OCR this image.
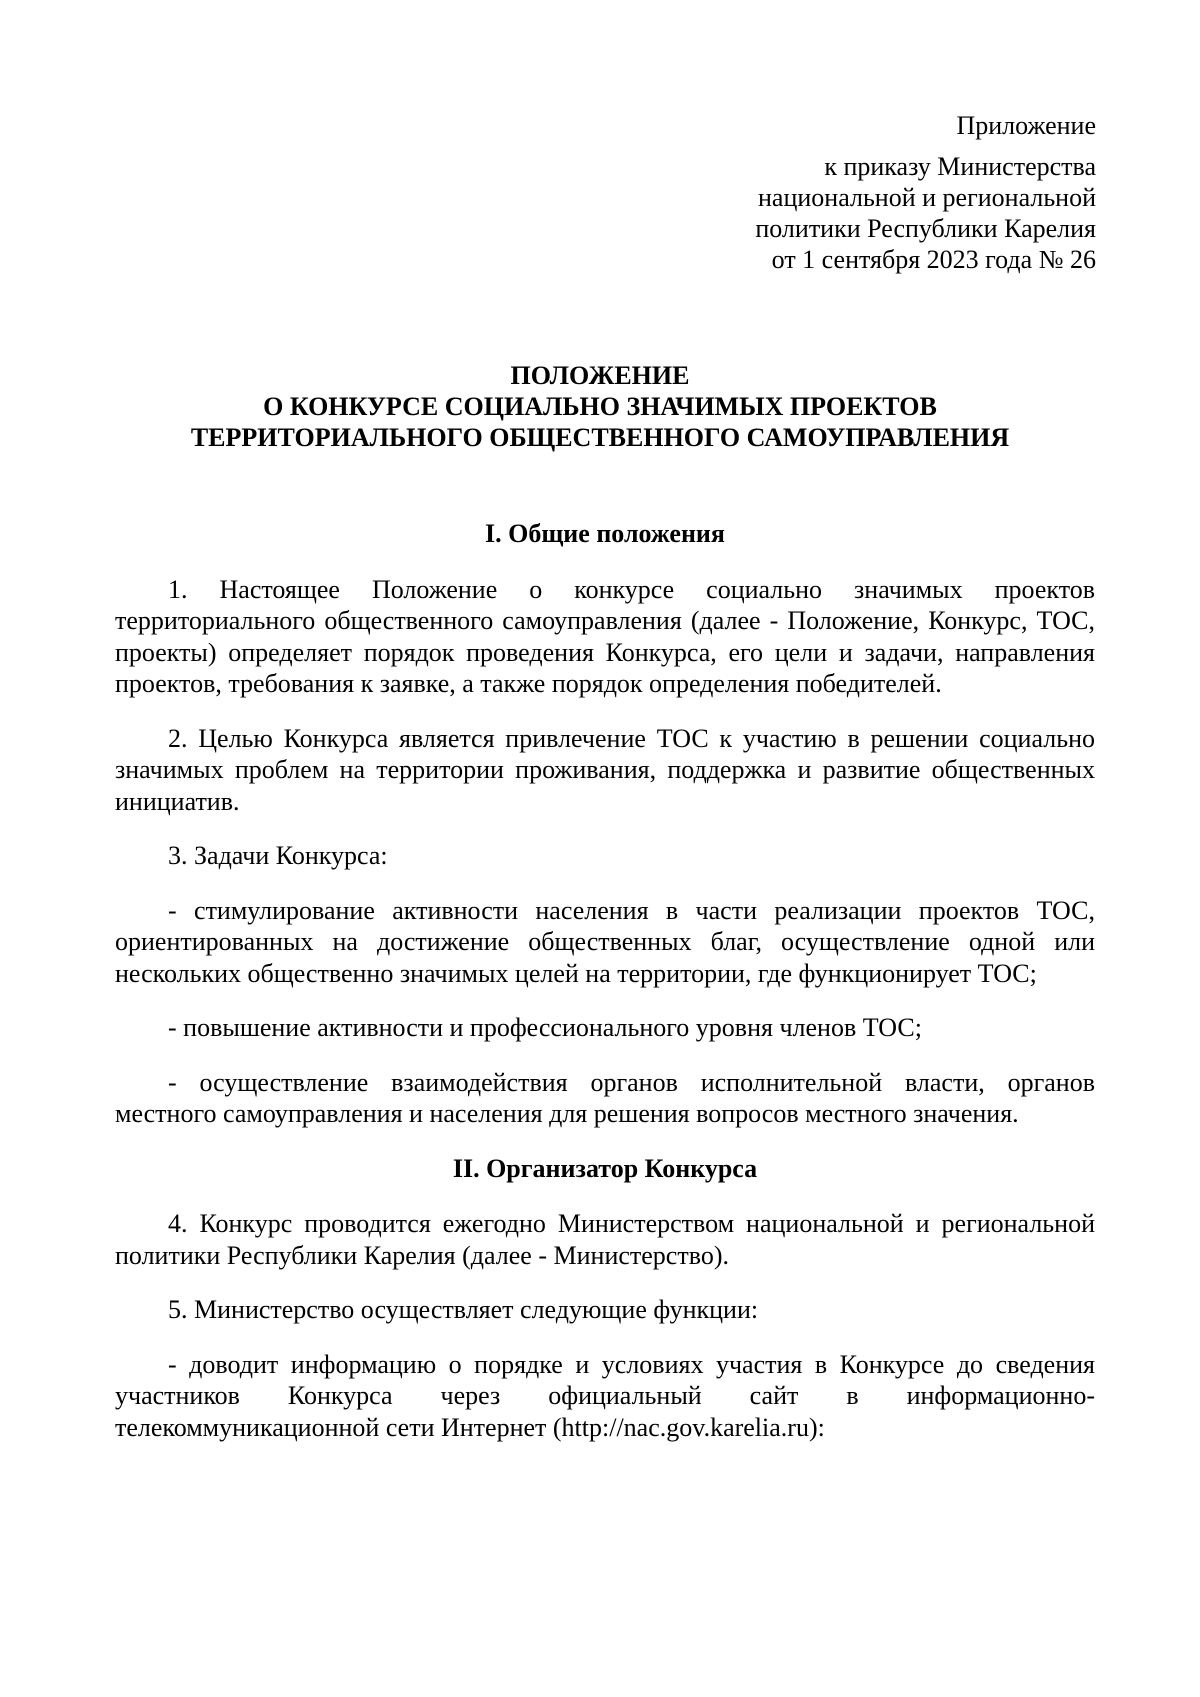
Приложение
к приказу Министерства
национальной и региональной
политики Республики Карелия
от 1 сентября 2023 года № 26
ПОЛОЖЕНИЕ
О КОНКУРСЕ СОЦИАЛЬНО ЗНАЧИМЫХ ПРОЕКТОВ
ТЕРРИТОРИАЛЬНОГО ОБЩЕСТВЕННОГО САМОУПРАВЛЕНИЯ
I. Общие положения

1. Настоящее Положение о конкурсе социально значимых проектов территориального общественного самоуправления (далее - Положение, Конкурс, ТОС, проекты) определяет порядок проведения Конкурса, его цели и задачи, направления проектов, требования к заявке, а также порядок определения победителей.

2. Целью Конкурса является привлечение ТОС к участию в решении социально значимых проблем на территории проживания, поддержка и развитие общественных инициатив.

3. Задачи Конкурса:

- стимулирование активности населения в части реализации проектов ТОС, ориентированных на достижение общественных благ, осуществление одной или нескольких общественно значимых целей на территории, где функционирует ТОС;

- повышение активности и профессионального уровня членов ТОС;

- осуществление взаимодействия органов исполнительной власти, органов местного самоуправления и населения для решения вопросов местного значения.

II. Организатор Конкурса

4. Конкурс проводится ежегодно Министерством национальной и региональной политики Республики Карелия (далее - Министерство).

5. Министерство осуществляет следующие функции:

- доводит информацию о порядке и условиях участия в Конкурсе до сведения участников Конкурса через официальный сайт в информационно-телекоммуникационной сети Интернет (http://nac.gov.karelia.ru):
